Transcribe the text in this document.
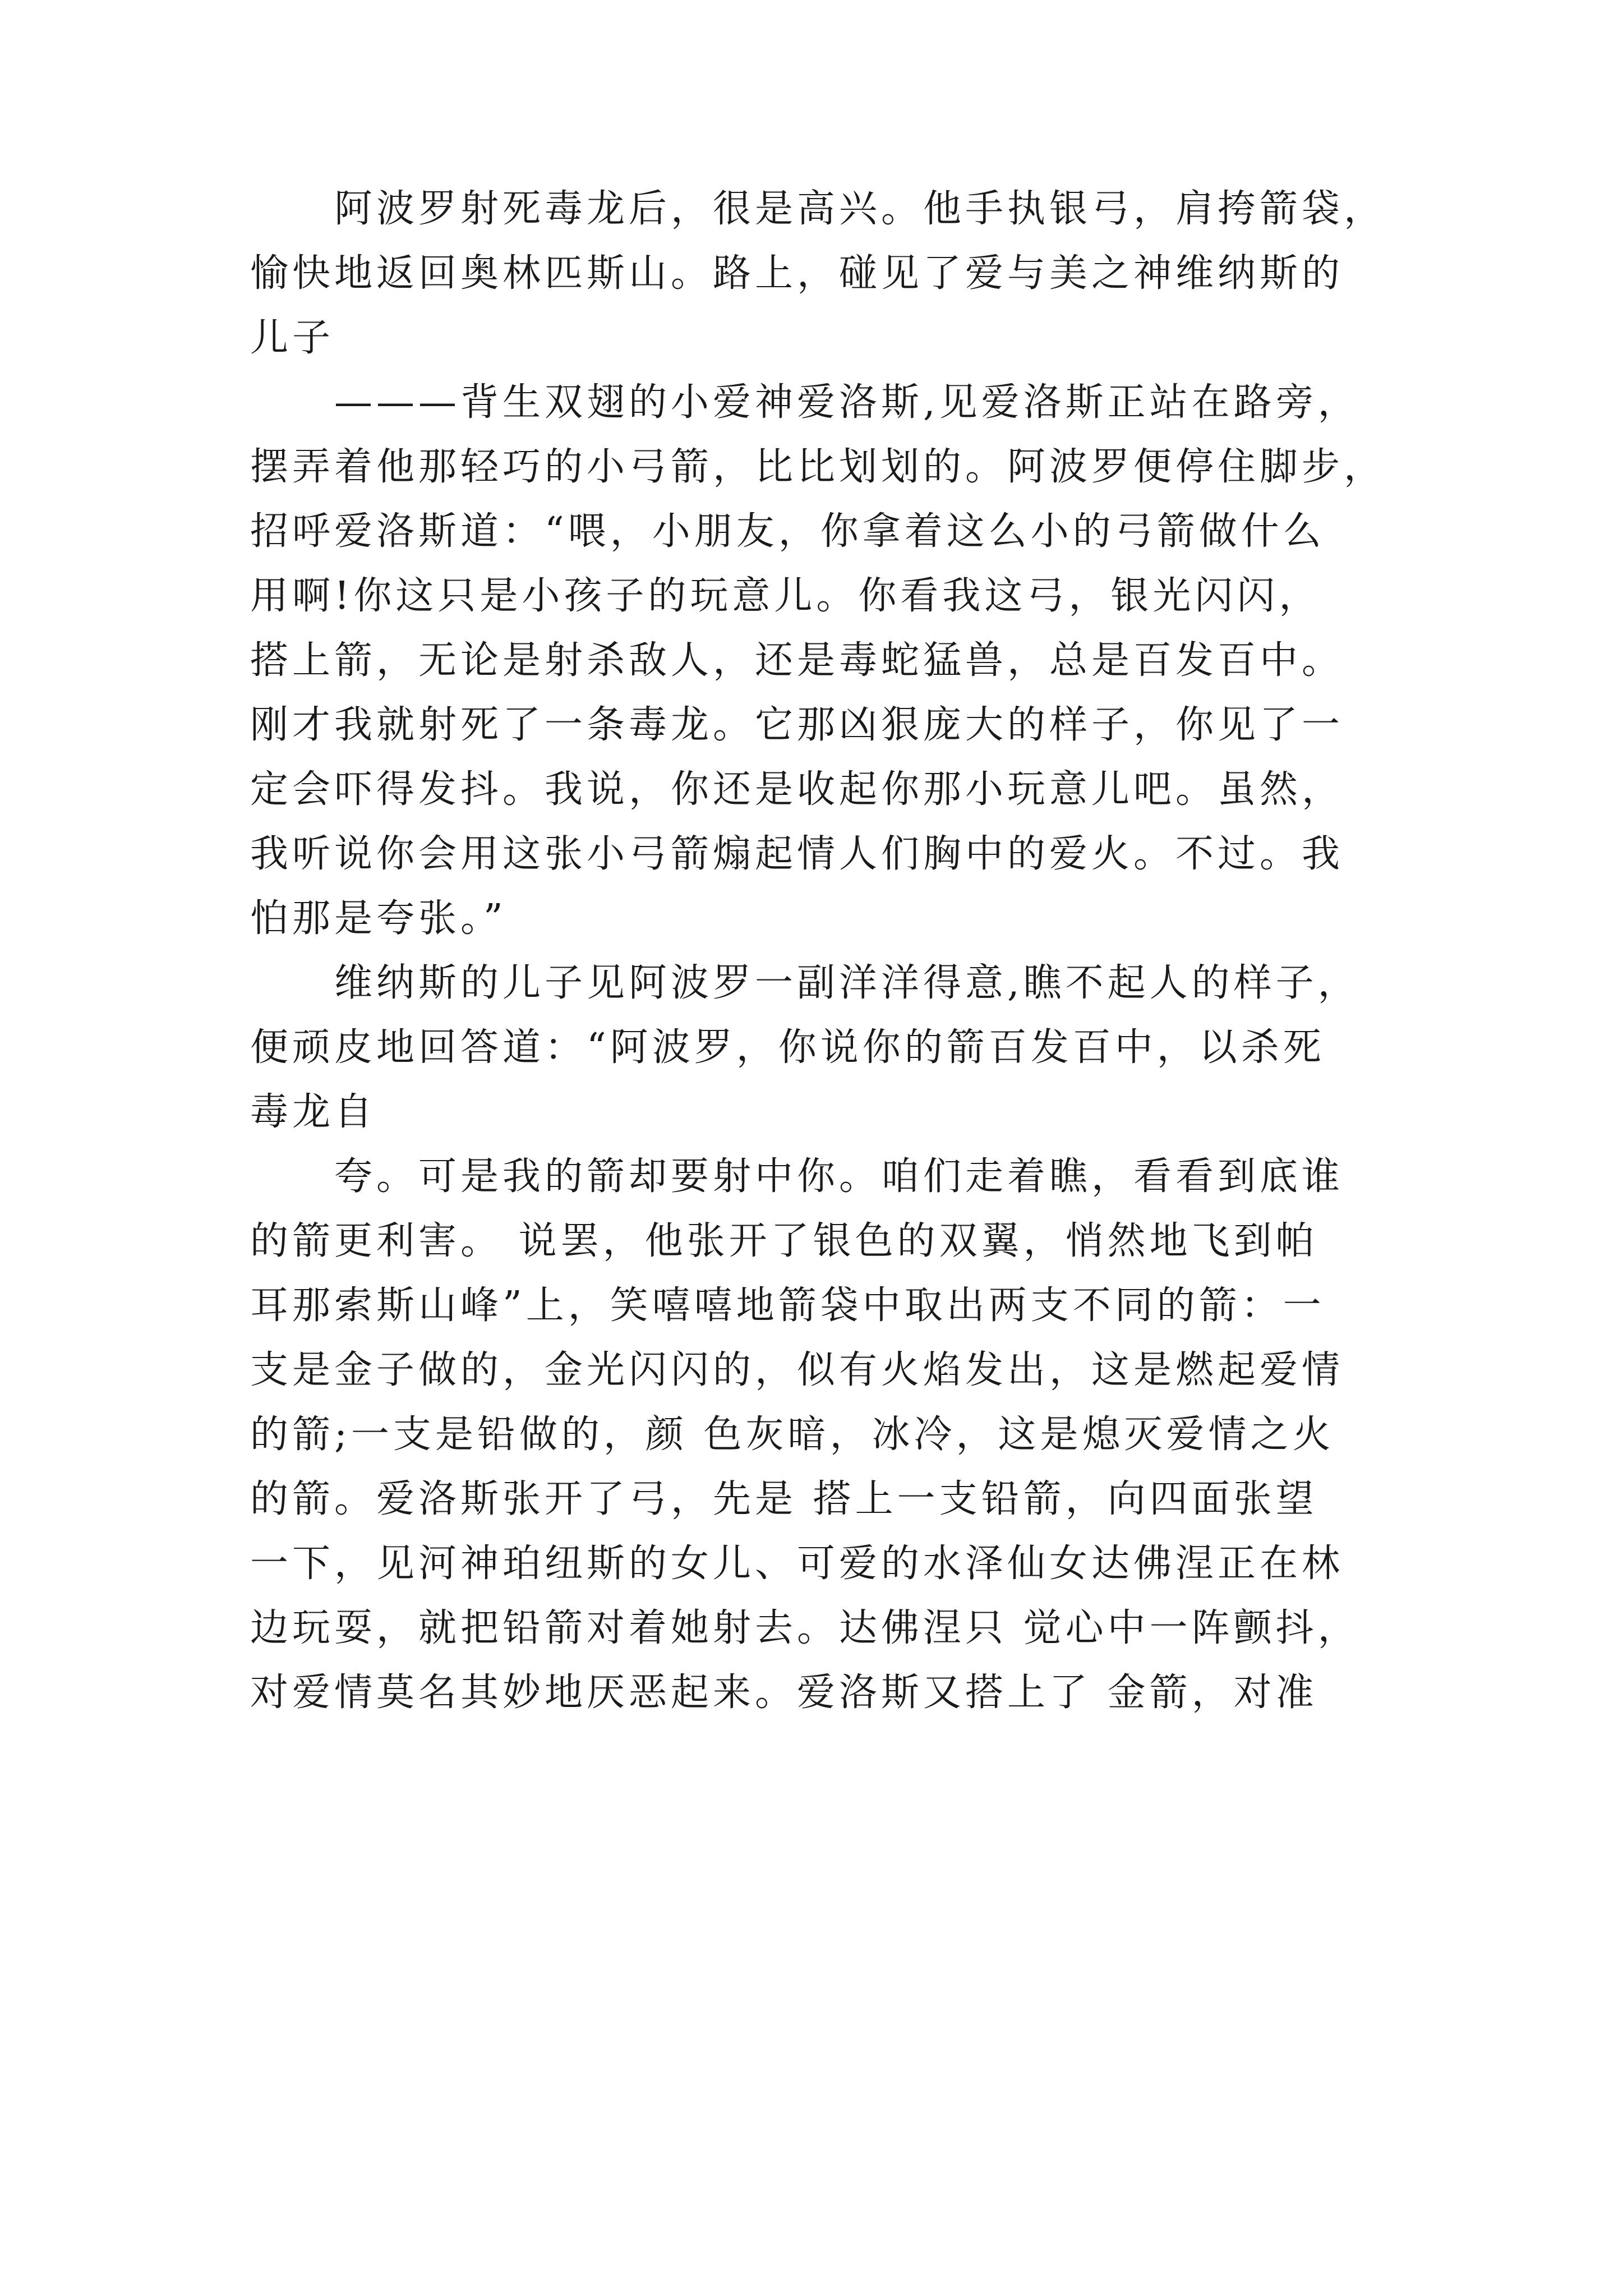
阿波罗射死毒龙后，很是高兴。他手执银弓，肩挎箭袋，
愉快地返回奥林匹斯山。路上，碰见了爱与美之神维纳斯的
儿子
———背生双翅的小爱神爱洛斯,见爱洛斯正站在路旁，
摆弄着他那轻巧的小弓箭，比比划划的。阿波罗便停住脚步，
招呼爱洛斯道：“喂，小朋友，你拿着这么小的弓箭做什么
用啊!你这只是小孩子的玩意儿。你看我这弓，银光闪闪，
搭上箭，无论是射杀敌人，还是毒蛇猛兽，总是百发百中。
刚才我就射死了一条毒龙。它那凶狠庞大的样子，你见了一
定会吓得发抖。我说，你还是收起你那小玩意儿吧。虽然，
我听说你会用这张小弓箭煽起情人们胸中的爱火。不过。我
怕那是夸张。”
维纳斯的儿子见阿波罗一副洋洋得意,瞧不起人的样子，
便顽皮地回答道：“阿波罗，你说你的箭百发百中，以杀死
毒龙自
夸。可是我的箭却要射中你。咱们走着瞧，看看到底谁
的箭更利害。 说罢，他张开了银色的双翼，悄然地飞到帕
耳那索斯山峰”上，笑嘻嘻地箭袋中取出两支不同的箭：一
支是金子做的，金光闪闪的，似有火焰发出，这是燃起爱情
的箭;一支是铅做的，颜 色灰暗，冰冷，这是熄灭爱情之火
的箭。爱洛斯张开了弓，先是 搭上一支铅箭，向四面张望
一下，见河神珀纽斯的女儿、可爱的水泽仙女达佛涅正在林
边玩耍，就把铅箭对着她射去。达佛涅只 觉心中一阵颤抖，
对爱情莫名其妙地厌恶起来。爱洛斯又搭上了 金箭，对准
